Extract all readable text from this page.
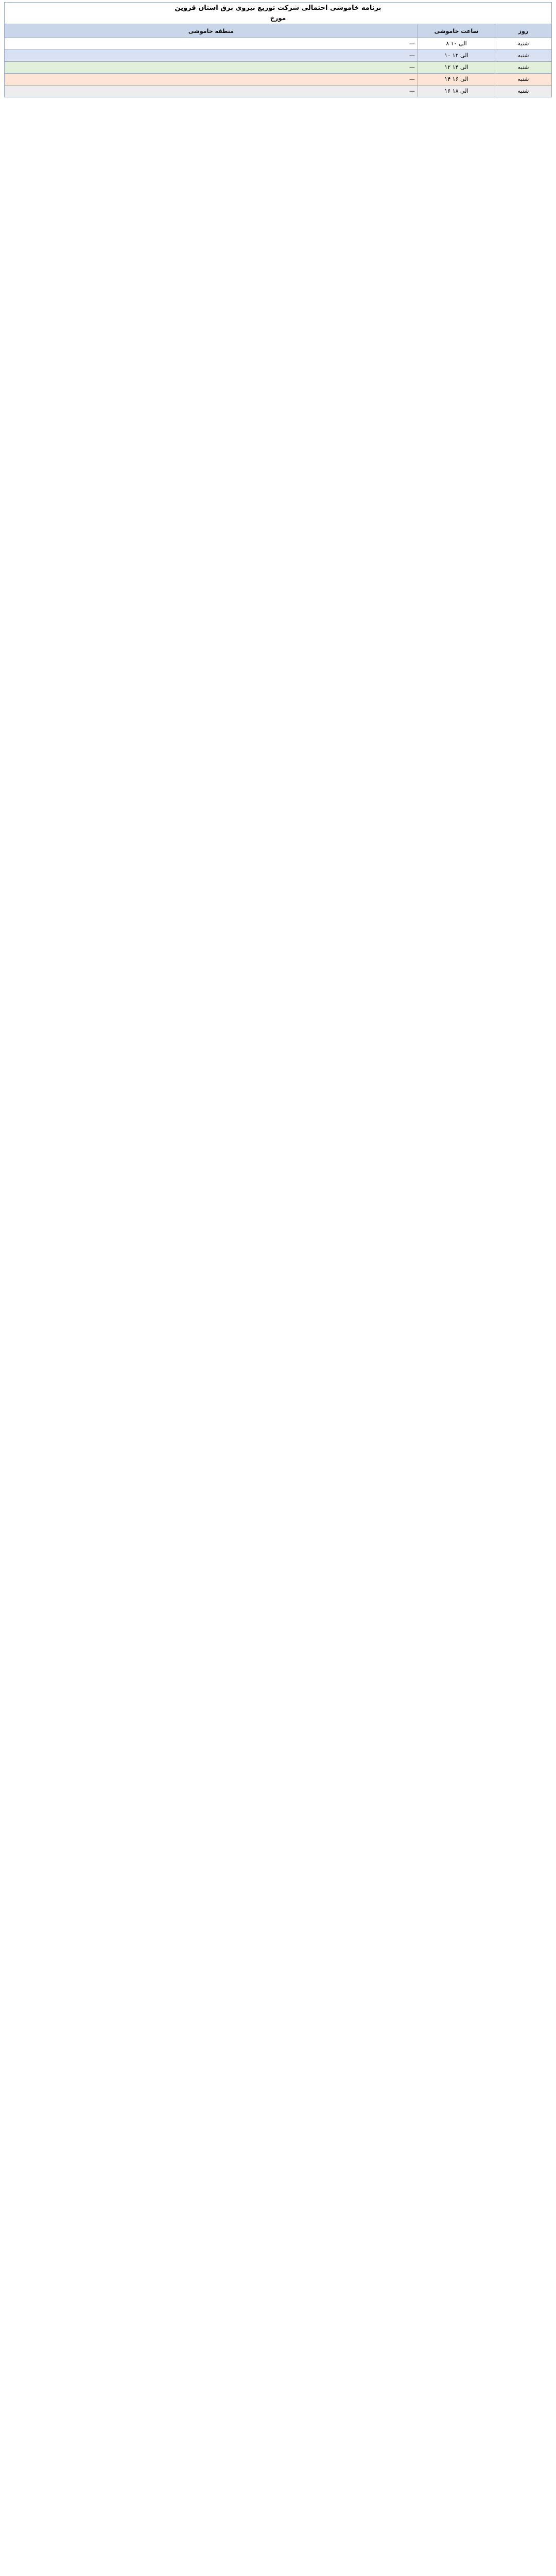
برنامه خاموشی احتمالی شرکت توزیع نیروی برق استان قزوین
مورخ
روز	ساعت خاموشی	منطقه خاموشی
شنبه	۸ الی ۱۰	—
شنبه	۱۰ الی ۱۲	—
شنبه	۱۲ الی ۱۴	—
شنبه	۱۴ الی ۱۶	—
شنبه	۱۶ الی ۱۸	—
